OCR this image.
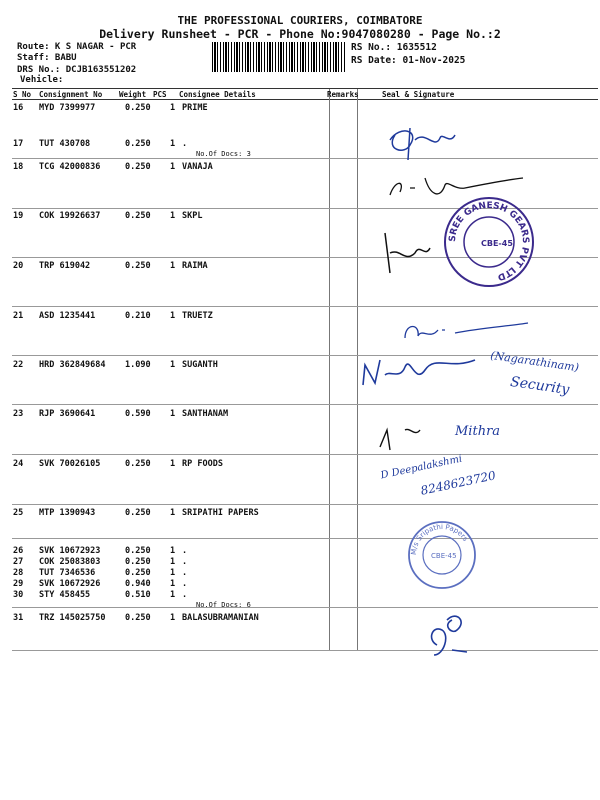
THE PROFESSIONAL COURIERS, COIMBATORE
Delivery Runsheet - PCR - Phone No:9047080280 - Page No.:2
Route: K S NAGAR - PCR
Staff: BABU
DRS No.: DCJB163551202
Vehicle:
RS No.: 1635512
RS Date: 01-Nov-2025
S No Consignment No Weight PCS Consignee Details	Remarks	Seal & Signature
16 MYD 7399977	0.250 1 PRIME
17 TUT 430708	0.250 1 .
No.Of Docs: 3
18 TCG 42000836	0.250 1 VANAJA
19 COK 19926637	0.250 1 SKPL
20 TRP 619042	0.250 1 RAIMA
21 ASD 1235441	0.210 1 TRUETZ
22 HRD 362849684 1.090 1 SUGANTH
23 RJP 3690641	0.590 1 SANTHANAM
24 SVK 70026105	0.250 1 RP FOODS
25 MTP 1390943	0.250 1 SRIPATHI PAPERS
26 SVK 10672923	0.250 1 .
27 COK 25083803	0.250 1 .
28 TUT 7346536	0.250 1 .
29 SVK 10672926	0.940 1 .
30 STY 458455	0.510 1 .
No.Of Docs: 6
31 TRZ 145025750 0.250 1 BALASUBRAMANIAN
SREE GANESH GEARS PVT LTD
CBE-45
(Nagarathinam)
Security
Mithra
D Deepalakshmi
8248623720
M/s Sripathi Papers
CBE-45
